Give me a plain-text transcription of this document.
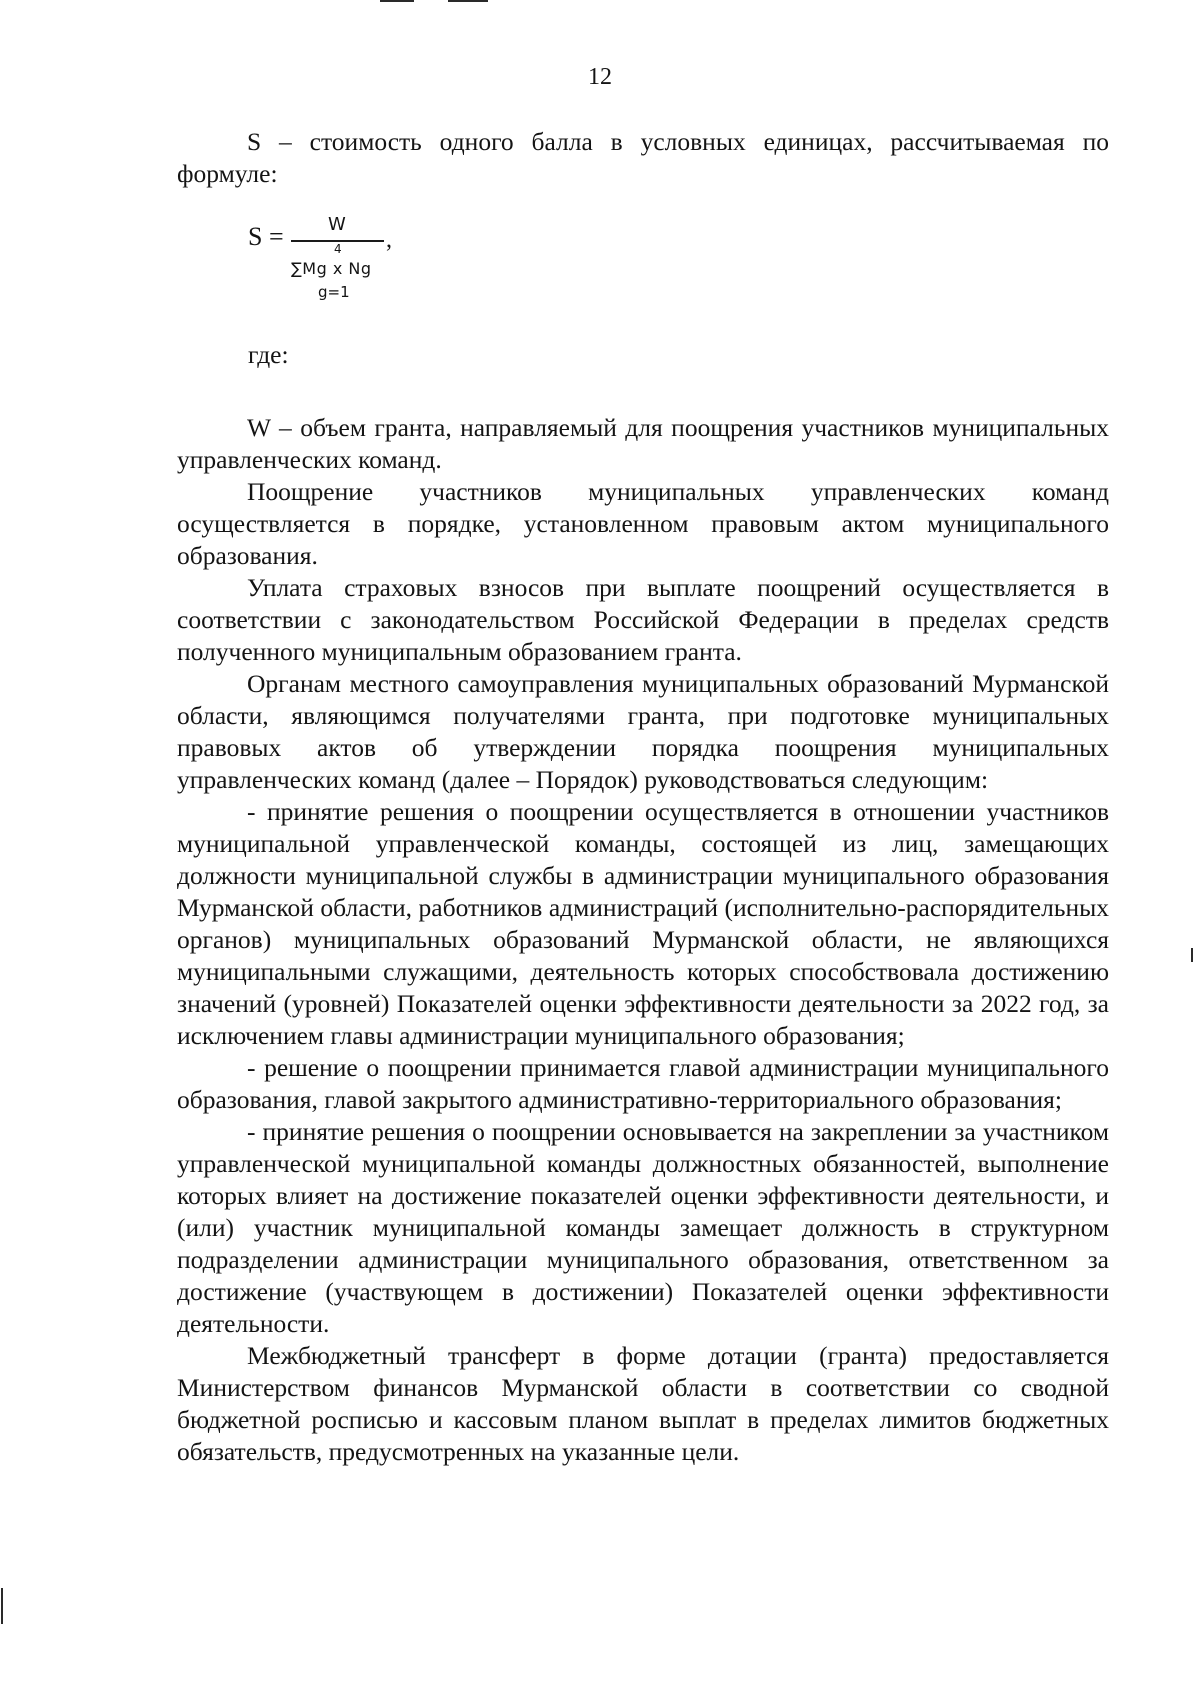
12

S – стоимость одного балла в условных единицах, рассчитываемая по формуле:

S = W
,
4
∑Mg x Ng
g=1
где:

W – объем гранта, направляемый для поощрения участников муниципальных управленческих команд.

Поощрение участников муниципальных управленческих команд осуществляется в порядке, установленном правовым актом муниципального образования.

Уплата страховых взносов при выплате поощрений осуществляется в соответствии с законодательством Российской Федерации в пределах средств полученного муниципальным образованием гранта.

Органам местного самоуправления муниципальных образований Мурманской области, являющимся получателями гранта, при подготовке муниципальных правовых актов об утверждении порядка поощрения муниципальных управленческих команд (далее – Порядок) руководствоваться следующим:

- принятие решения о поощрении осуществляется в отношении участников муниципальной управленческой команды, состоящей из лиц, замещающих должности муниципальной службы в администрации муниципального образования Мурманской области, работников администраций (исполнительно-распорядительных органов) муниципальных образований Мурманской области, не являющихся муниципальными служащими, деятельность которых способствовала достижению значений (уровней) Показателей оценки эффективности деятельности за 2022 год, за исключением главы администрации муниципального образования;

- решение о поощрении принимается главой администрации муниципального образования, главой закрытого административно-территориального образования;

- принятие решения о поощрении основывается на закреплении за участником управленческой муниципальной команды должностных обязанностей, выполнение которых влияет на достижение показателей оценки эффективности деятельности, и (или) участник муниципальной команды замещает должность в структурном подразделении администрации муниципального образования, ответственном за достижение (участвующем в достижении) Показателей оценки эффективности деятельности.

Межбюджетный трансферт в форме дотации (гранта) предоставляется Министерством финансов Мурманской области в соответствии со сводной бюджетной росписью и кассовым планом выплат в пределах лимитов бюджетных обязательств, предусмотренных на указанные цели.
